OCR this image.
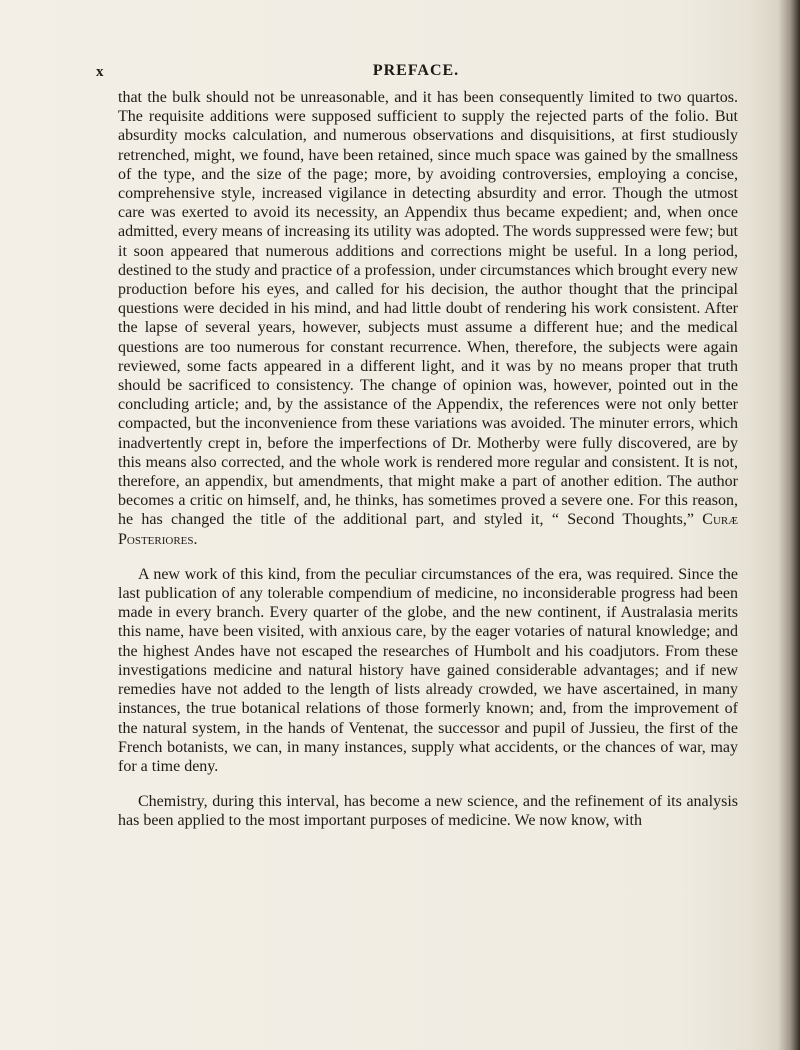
x	PREFACE.

that the bulk should not be unreasonable, and it has been consequently limited to two quartos. The requisite additions were supposed sufficient to supply the rejected parts of the folio. But absurdity mocks calculation, and numerous observations and disquisitions, at first studiously retrenched, might, we found, have been retained, since much space was gained by the smallness of the type, and the size of the page; more, by avoiding controversies, employing a concise, comprehensive style, increased vigilance in detecting absurdity and error. Though the utmost care was exerted to avoid its necessity, an Appendix thus became expedient; and, when once admitted, every means of increasing its utility was adopted. The words suppressed were few; but it soon appeared that numerous additions and corrections might be useful. In a long period, destined to the study and practice of a profession, under circumstances which brought every new production before his eyes, and called for his decision, the author thought that the principal questions were decided in his mind, and had little doubt of rendering his work consistent. After the lapse of several years, however, subjects must assume a different hue; and the medical questions are too numerous for constant recurrence. When, therefore, the subjects were again reviewed, some facts appeared in a different light, and it was by no means proper that truth should be sacrificed to consistency. The change of opinion was, however, pointed out in the concluding article; and, by the assistance of the Appendix, the references were not only better compacted, but the inconvenience from these variations was avoided. The minuter errors, which inadvertently crept in, before the imperfections of Dr. Motherby were fully discovered, are by this means also corrected, and the whole work is rendered more regular and consistent. It is not, therefore, an appendix, but amendments, that might make a part of another edition. The author becomes a critic on himself, and, he thinks, has sometimes proved a severe one. For this reason, he has changed the title of the additional part, and styled it, “ Second Thoughts,” Curæ Posteriores.

A new work of this kind, from the peculiar circumstances of the era, was required. Since the last publication of any tolerable compendium of medicine, no inconsiderable progress had been made in every branch. Every quarter of the globe, and the new continent, if Australasia merits this name, have been visited, with anxious care, by the eager votaries of natural knowledge; and the highest Andes have not escaped the researches of Humbolt and his coadjutors. From these investigations medicine and natural history have gained considerable advantages; and if new remedies have not added to the length of lists already crowded, we have ascertained, in many instances, the true botanical relations of those formerly known; and, from the improvement of the natural system, in the hands of Ventenat, the successor and pupil of Jussieu, the first of the French botanists, we can, in many instances, supply what accidents, or the chances of war, may for a time deny.

Chemistry, during this interval, has become a new science, and the refinement of its analysis has been applied to the most important purposes of medicine. We now know, with
